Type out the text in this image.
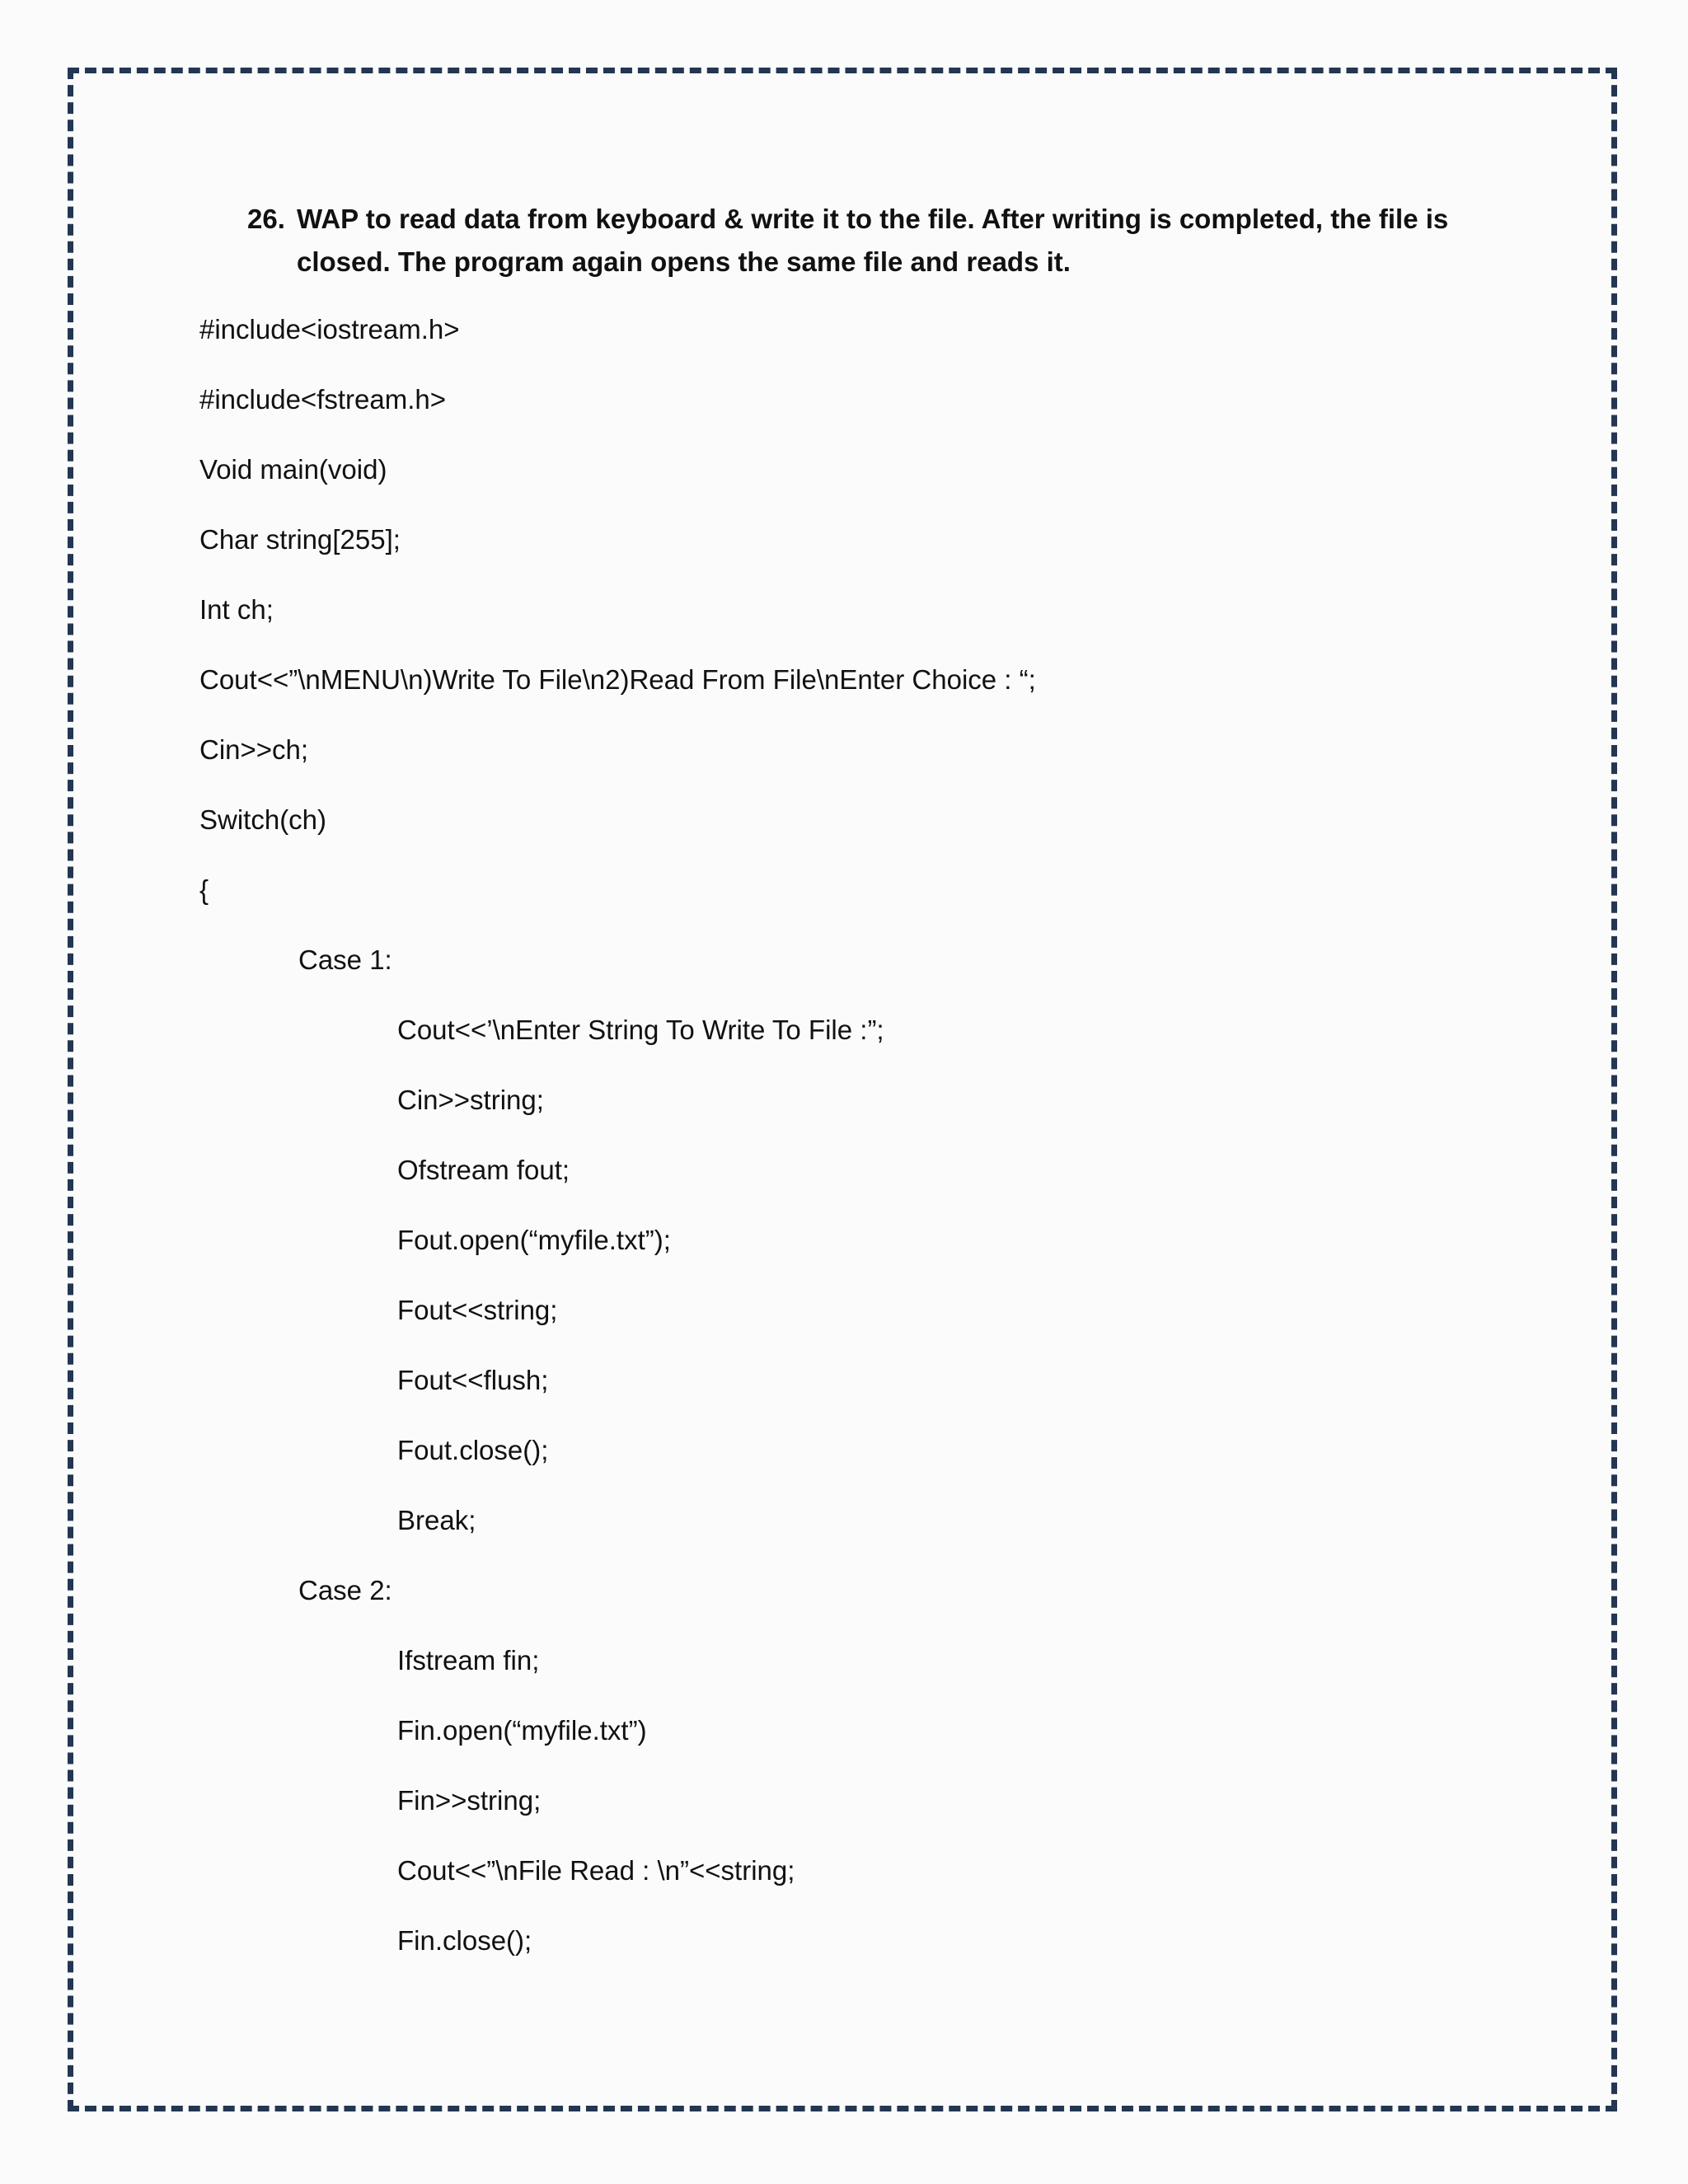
26. WAP to read data from keyboard & write it to the file. After writing is completed, the file is closed. The program again opens the same file and reads it.
#include<iostream.h>
#include<fstream.h>
Void main(void)
Char string[255];
Int ch;
Cout<<”\nMENU\n)Write To File\n2)Read From File\nEnter Choice : “;
Cin>>ch;
Switch(ch)
{
Case 1:
Cout<<’\nEnter String To Write To File :”;
Cin>>string;
Ofstream fout;
Fout.open(“myfile.txt”);
Fout<<string;
Fout<<flush;
Fout.close();
Break;
Case 2:
Ifstream fin;
Fin.open(“myfile.txt”)
Fin>>string;
Cout<<”\nFile Read : \n”<<string;
Fin.close();
